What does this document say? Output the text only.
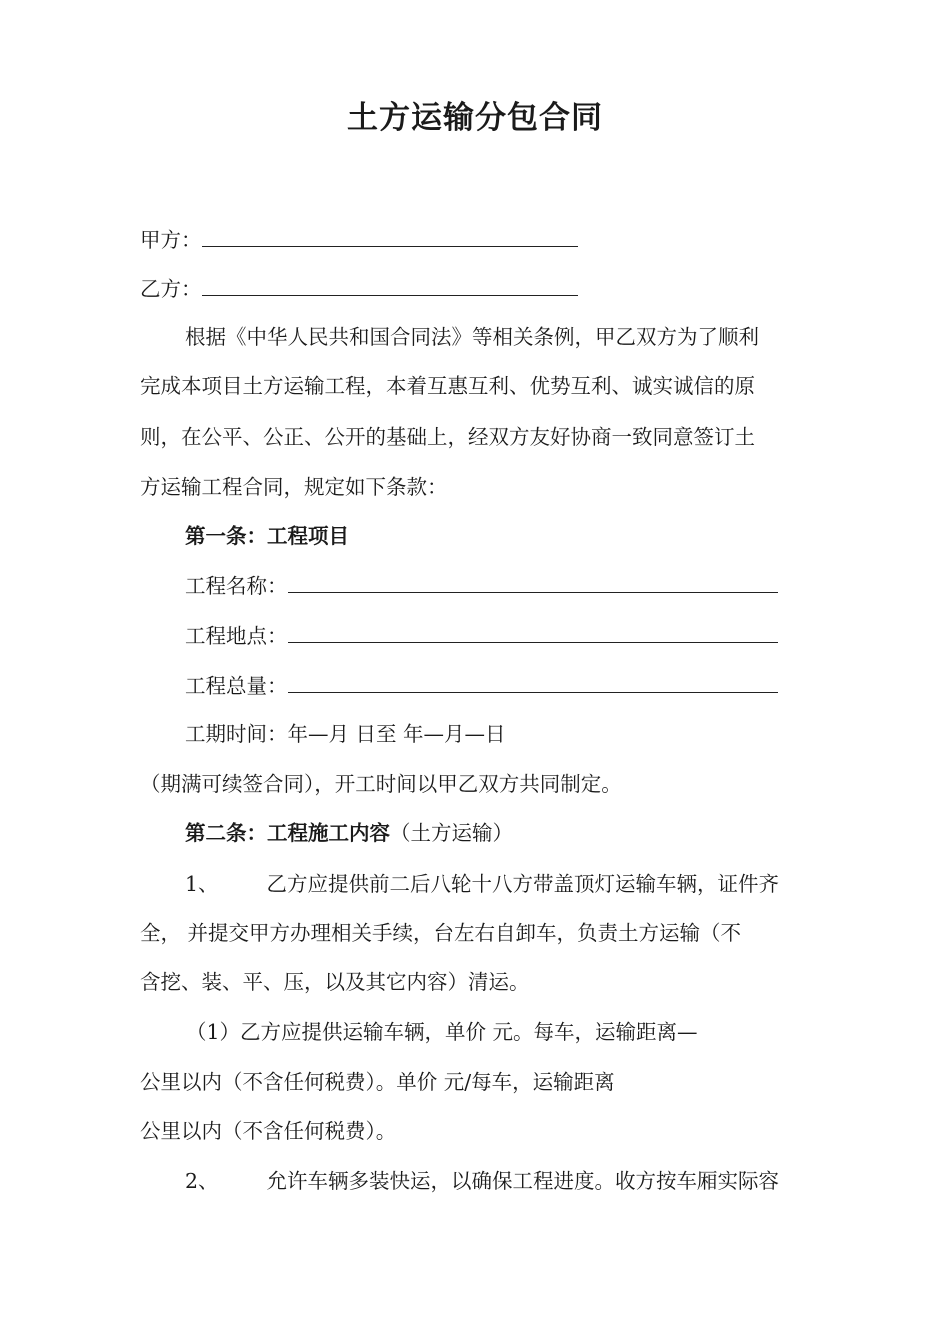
土方运输分包合同
甲方：
乙方：
根据《中华人民共和国合同法》等相关条例，甲乙双方为了顺利
完成本项目土方运输工程，本着互惠互利、优势互利、诚实诚信的原
则，在公平、公正、公开的基础上，经双方友好协商一致同意签订土
方运输工程合同，规定如下条款：
第一条：工程项目
工程名称：
工程地点：
工程总量：
工期时间：年—月 日至 年—月—日
（期满可续签合同），开工时间以甲乙双方共同制定。
第二条：工程施工内容（土方运输）
1、 乙方应提供前二后八轮十八方带盖顶灯运输车辆，证件齐
全， 并提交甲方办理相关手续，台左右自卸车，负责土方运输（不
含挖、装、平、压，以及其它内容）清运。
（1）乙方应提供运输车辆，单价 元。每车，运输距离—
公里以内（不含任何税费）。单价 元/每车，运输距离
公里以内（不含任何税费）。
2、 允许车辆多装快运，以确保工程进度。收方按车厢实际容
